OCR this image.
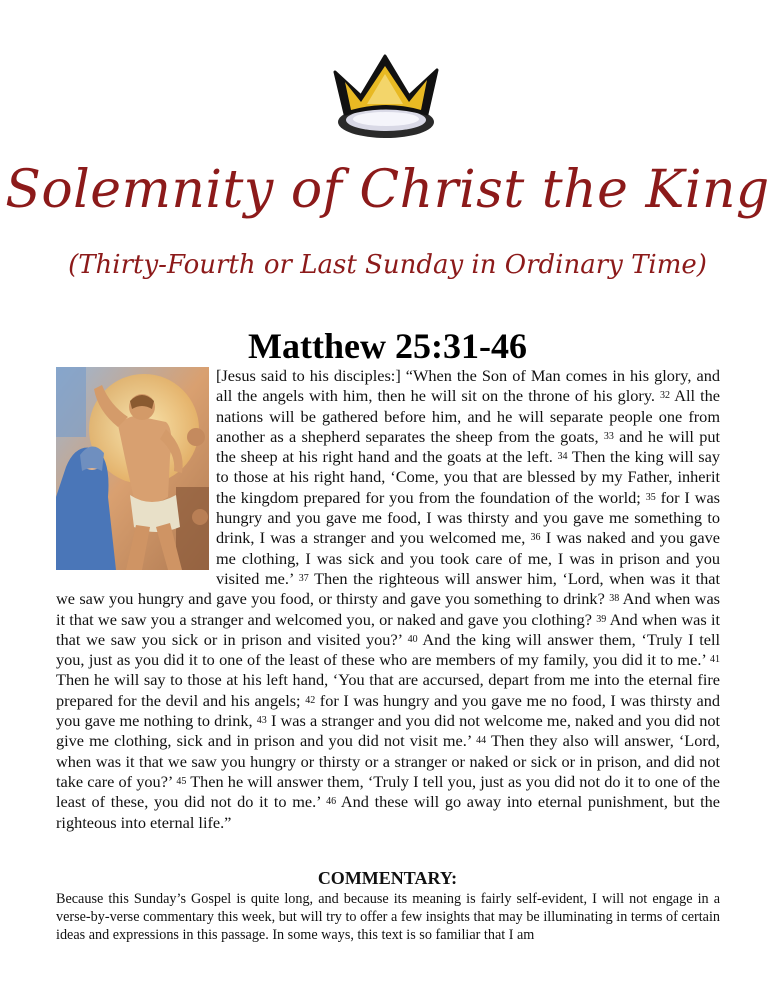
Solemnity of Christ the King
(Thirty-Fourth or Last Sunday in Ordinary Time)
Matthew 25:31-46

[Jesus said to his disciples:] “When the Son of Man comes in his glory, and all the angels with him, then he will sit on the throne of his glory. 32 All the nations will be gathered before him, and he will separate people one from another as a shepherd separates the sheep from the goats, 33 and he will put the sheep at his right hand and the goats at the left. 34 Then the king will say to those at his right hand, ‘Come, you that are blessed by my Father, inherit the kingdom prepared for you from the foundation of the world; 35 for I was hungry and you gave me food, I was thirsty and you gave me something to drink, I was a stranger and you welcomed me, 36 I was naked and you gave me clothing, I was sick and you took care of me, I was in prison and you visited me.’ 37 Then the righteous will answer him, ‘Lord, when was it that we saw you hungry and gave you food, or thirsty and gave you something to drink? 38 And when was it that we saw you a stranger and welcomed you, or naked and gave you clothing? 39 And when was it that we saw you sick or in prison and visited you?’ 40 And the king will answer them, ‘Truly I tell you, just as you did it to one of the least of these who are members of my family, you did it to me.’ 41 Then he will say to those at his left hand, ‘You that are accursed, depart from me into the eternal fire prepared for the devil and his angels; 42 for I was hungry and you gave me no food, I was thirsty and you gave me nothing to drink, 43 I was a stranger and you did not welcome me, naked and you did not give me clothing, sick and in prison and you did not visit me.’ 44 Then they also will answer, ‘Lord, when was it that we saw you hungry or thirsty or a stranger or naked or sick or in prison, and did not take care of you?’ 45 Then he will answer them, ‘Truly I tell you, just as you did not do it to one of the least of these, you did not do it to me.’ 46 And these will go away into eternal punishment, but the righteous into eternal life.”

COMMENTARY:

Because this Sunday’s Gospel is quite long, and because its meaning is fairly self-evident, I will not engage in a verse-by-verse commentary this week, but will try to offer a few insights that may be illuminating in terms of certain ideas and expressions in this passage. In some ways, this text is so familiar that I am
